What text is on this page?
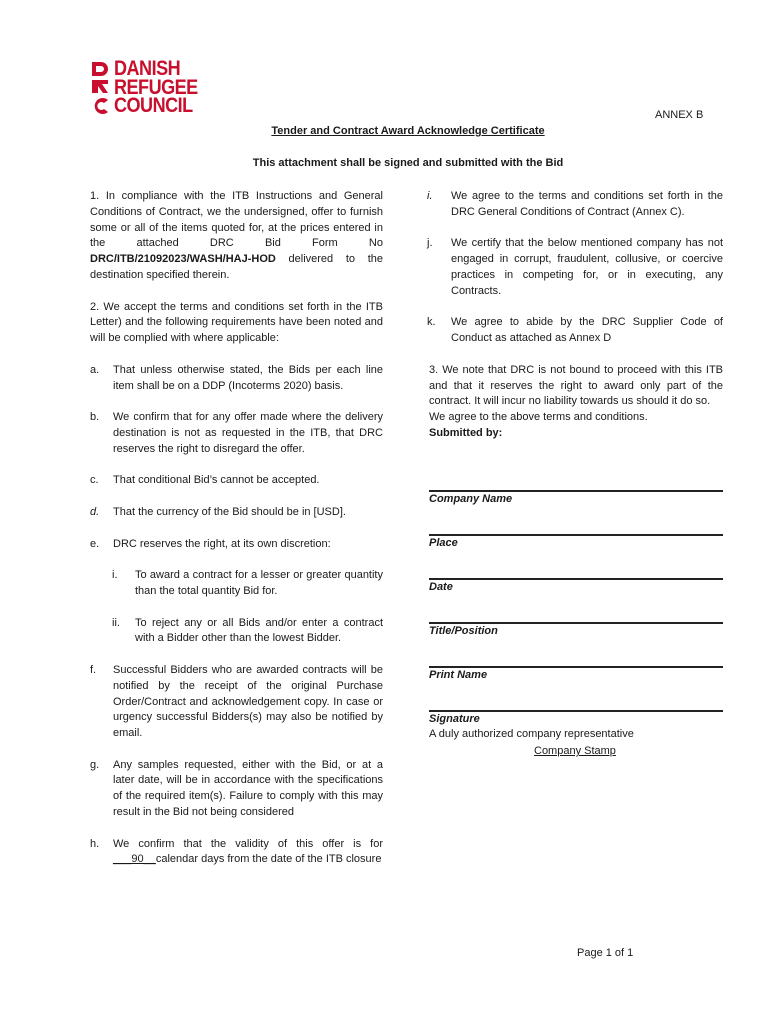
DANISH
REFUGEE
COUNCIL	ANNEX B
Tender and Contract Award Acknowledge Certificate
This attachment shall be signed and submitted with the Bid

1. In compliance with the ITB Instructions and General Conditions of Contract, we the undersigned, offer to furnish some or all of the items quoted for, at the prices entered in the attached DRC Bid Form No DRC/ITB/21092023/WASH/HAJ-HOD delivered to the destination specified therein.

2. We accept the terms and conditions set forth in the ITB Letter) and the following requirements have been noted and will be complied with where applicable:

a.	That unless otherwise stated, the Bids per each line item shall be on a DDP (Incoterms 2020) basis.
b.	We confirm that for any offer made where the delivery destination is not as requested in the ITB, that DRC reserves the right to disregard the offer.
c.	That conditional Bid’s cannot be accepted.
d.	That the currency of the Bid should be in [USD].
e.	DRC reserves the right, at its own discretion:
i.	To award a contract for a lesser or greater quantity than the total quantity Bid for.
ii.	To reject any or all Bids and/or enter a contract with a Bidder other than the lowest Bidder.
f.	Successful Bidders who are awarded contracts will be notified by the receipt of the original Purchase Order/Contract and acknowledgement copy. In case or urgency successful Bidders(s) may also be notified by email.
g.	Any samples requested, either with the Bid, or at a later date, will be in accordance with the specifications of the required item(s). Failure to comply with this may result in the Bid not being considered
h.	We confirm that the validity of this offer is for ___90__calendar days from the date of the ITB closure
i.	We agree to the terms and conditions set forth in the DRC General Conditions of Contract (Annex C).
j.	We certify that the below mentioned company has not engaged in corrupt, fraudulent, collusive, or coercive practices in competing for, or in executing, any Contracts.
k.	We agree to abide by the DRC Supplier Code of Conduct as attached as Annex D

3. We note that DRC is not bound to proceed with this ITB and that it reserves the right to award only part of the contract. It will incur no liability towards us should it do so.

We agree to the above terms and conditions.

Submitted by:

Company Name
Place
Date
Title/Position
Print Name
Signature
A duly authorized company representative
Company Stamp
Page 1 of 1
